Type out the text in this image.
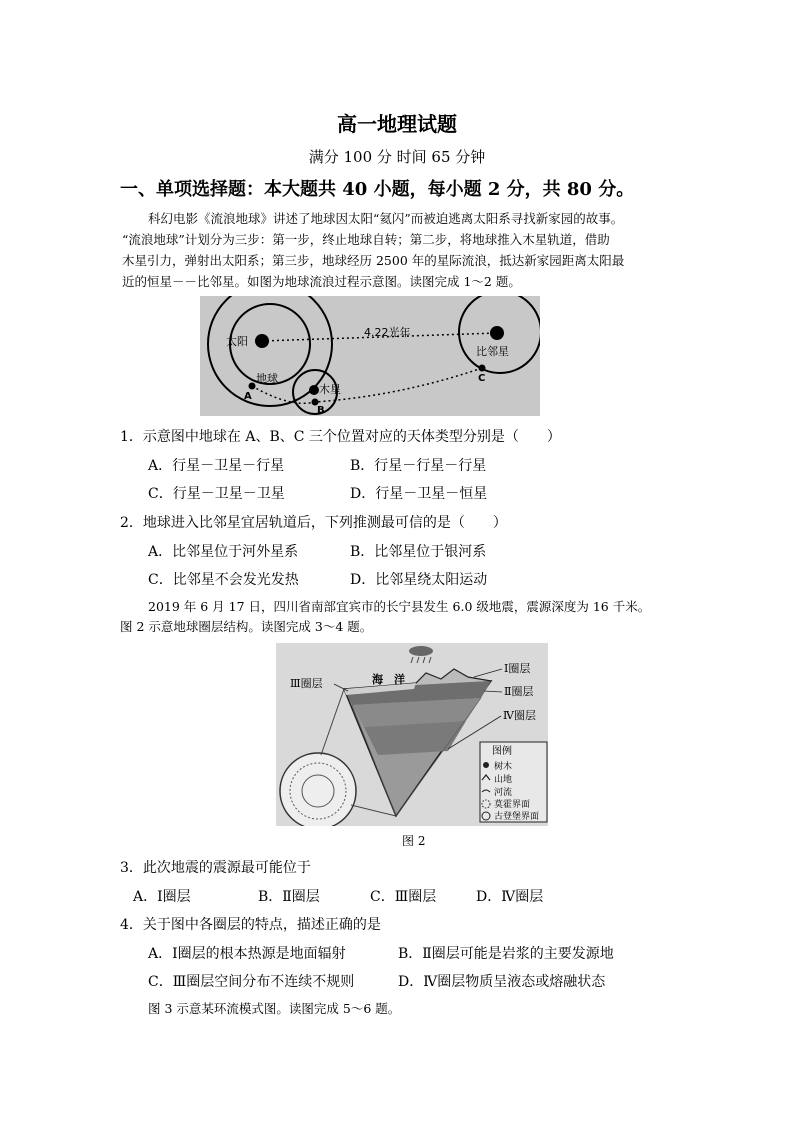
高一地理试题
满分 100 分 时间 65 分钟
一、单项选择题：本大题共 40 小题，每小题 2 分，共 80 分。
科幻电影《流浪地球》讲述了地球因太阳“氦闪”而被迫逃离太阳系寻找新家园的故事。
“流浪地球”计划分为三步：第一步，终止地球自转；第二步，将地球推入木星轨道，借助
木星引力，弹射出太阳系；第三步，地球经历 2500 年的星际流浪，抵达新家园距离太阳最
近的恒星－－比邻星。如图为地球流浪过程示意图。读图完成 1～2 题。
太阳
木星
比邻星
4.22光年
地球
A
B
C
1．示意图中地球在 A、B、C 三个位置对应的天体类型分别是（　　）
A．行星－卫星－行星	B．行星－行星－行星
C．行星－卫星－卫星	D．行星－卫星－恒星
2．地球进入比邻星宜居轨道后，下列推测最可信的是（　　）
A．比邻星位于河外星系	B．比邻星位于银河系
C．比邻星不会发光发热	D．比邻星绕太阳运动
2019 年 6 月 17 日，四川省南部宜宾市的长宁县发生 6.0 级地震，震源深度为 16 千米。
图 2 示意地球圈层结构。读图完成 3～4 题。
海　洋
Ⅰ圈层
Ⅱ圈层
Ⅲ圈层
Ⅳ圈层
图例
树木
山地
河流
莫霍界面
古登堡界面
图 2
3．此次地震的震源最可能位于
A．Ⅰ圈层	B．Ⅱ圈层	C．Ⅲ圈层	D．Ⅳ圈层
4．关于图中各圈层的特点，描述正确的是
A．Ⅰ圈层的根本热源是地面辐射	B．Ⅱ圈层可能是岩浆的主要发源地
C．Ⅲ圈层空间分布不连续不规则	D．Ⅳ圈层物质呈液态或熔融状态
图 3 示意某环流模式图。读图完成 5～6 题。
